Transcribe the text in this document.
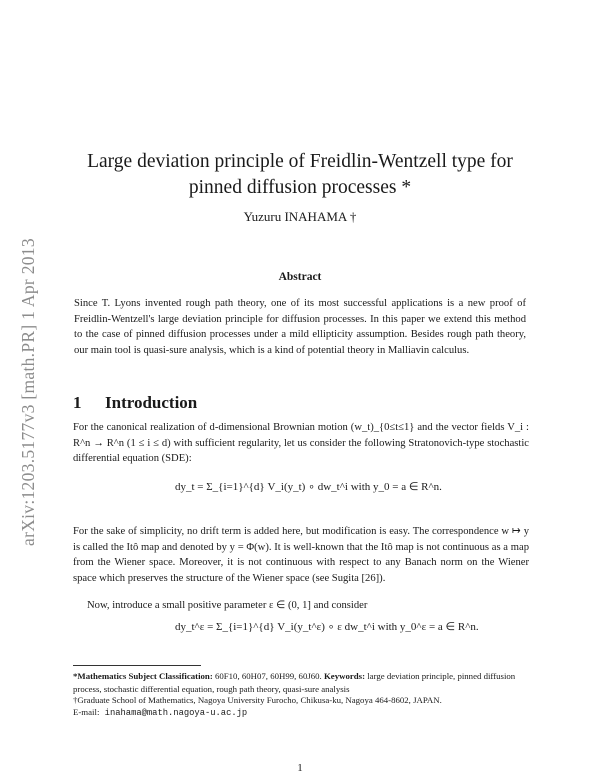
arXiv:1203.5177v3 [math.PR] 1 Apr 2013
Large deviation principle of Freidlin-Wentzell type for
pinned diffusion processes *
Yuzuru INAHAMA †
Abstract
Since T. Lyons invented rough path theory, one of its most successful applications is a new proof of Freidlin-Wentzell's large deviation principle for diffusion processes. In this paper we extend this method to the case of pinned diffusion processes under a mild ellipticity assumption. Besides rough path theory, our main tool is quasi-sure analysis, which is a kind of potential theory in Malliavin calculus.
1 Introduction
For the canonical realization of d-dimensional Brownian motion (w_t)_{0≤t≤1} and the vector fields V_i : R^n → R^n (1 ≤ i ≤ d) with sufficient regularity, let us consider the following Stratonovich-type stochastic differential equation (SDE):
dy_t = Σ_{i=1}^{d} V_i(y_t) ∘ dw_t^i with y_0 = a ∈ R^n.
For the sake of simplicity, no drift term is added here, but modification is easy. The correspondence w ↦ y is called the Itô map and denoted by y = Φ(w). It is well-known that the Itô map is not continuous as a map from the Wiener space. Moreover, it is not continuous with respect to any Banach norm on the Wiener space which preserves the structure of the Wiener space (see Sugita [26]).
Now, introduce a small positive parameter ε ∈ (0, 1] and consider
dy_t^ε = Σ_{i=1}^{d} V_i(y_t^ε) ∘ ε dw_t^i with y_0^ε = a ∈ R^n.
*Mathematics Subject Classification: 60F10, 60H07, 60H99, 60J60. Keywords: large deviation principle, pinned diffusion process, stochastic differential equation, rough path theory, quasi-sure analysis
†Graduate School of Mathematics, Nagoya University Furocho, Chikusa-ku, Nagoya 464-8602, JAPAN.
E-mail: inahama@math.nagoya-u.ac.jp
1
